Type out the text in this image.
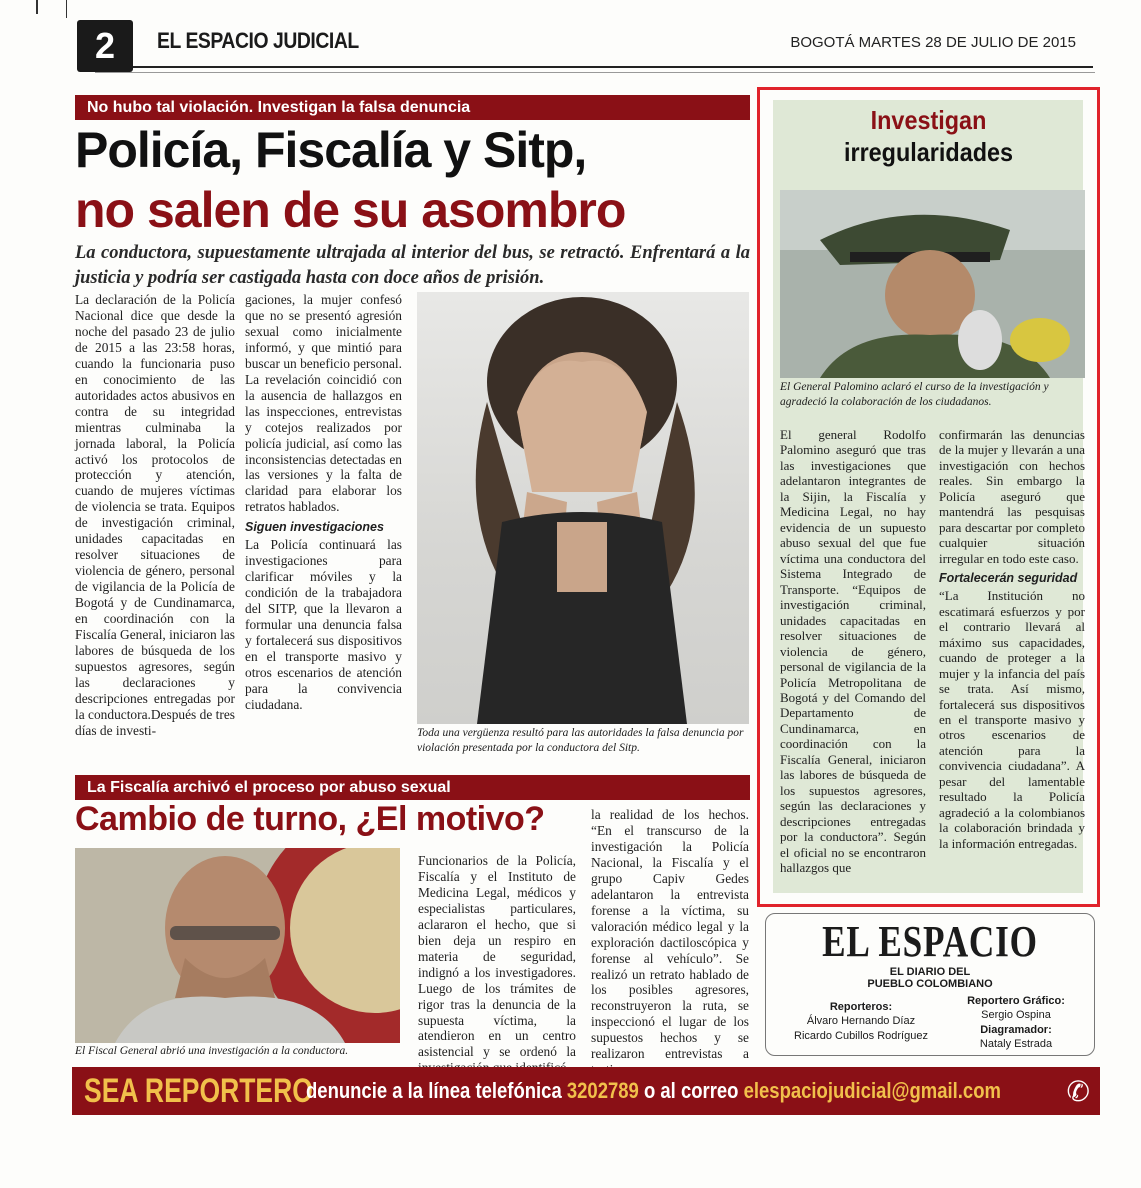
2	EL ESPACIO JUDICIAL	BOGOTÁ MARTES 28 DE JULIO DE 2015
No hubo tal violación. Investigan la falsa denuncia
Policía, Fiscalía y Sitp,
no salen de su asombro
La conductora, supuestamente ultrajada al interior del bus, se retractó. Enfrentará a la justicia y podría ser castigada hasta con doce años de prisión.

La declaración de la Policía Nacional dice que desde la noche del pasado 23 de julio de 2015 a las 23:58 horas, cuando la funcionaria puso en conocimiento de las autoridades actos abusivos en contra de su integridad mientras culminaba la jornada laboral, la Policía activó los protocolos de protección y atención, cuando de mujeres víctimas de violencia se trata. Equipos de investigación criminal, unidades capacitadas en resolver situaciones de violencia de género, personal de vigilancia de la Policía de Bogotá y de Cundinamarca, en coordinación con la Fiscalía General, iniciaron las labores de búsqueda de los supuestos agresores, según las declaraciones y descripciones entregadas por la conductora.Después de tres días de investi-

gaciones, la mujer confesó que no se presentó agresión sexual como inicialmente informó, y que mintió para buscar un beneficio personal. La revelación coincidió con la ausencia de hallazgos en las inspecciones, entrevistas y cotejos realizados por policía judicial, así como las inconsistencias detectadas en las versiones y la falta de claridad para elaborar los retratos hablados.

Siguen investigaciones

La Policía continuará las investigaciones para clarificar móviles y la condición de la trabajadora del SITP, que la llevaron a formular una denuncia falsa y fortalecerá sus dispositivos en el transporte masivo y otros escenarios de atención para la convivencia ciudadana.

Toda una vergüenza resultó para las autoridades la falsa denuncia por violación presentada por la conductora del Sitp.
La Fiscalía archivó el proceso por abuso sexual
Cambio de turno, ¿El motivo?
El Fiscal General abrió una investigación a la conductora.

Funcionarios de la Policía, Fiscalía y el Instituto de Medicina Legal, médicos y especialistas particulares, aclararon el hecho, que si bien deja un respiro en materia de seguridad, indignó a los investigadores. Luego de los trámites de rigor tras la denuncia de la supuesta víctima, la atendieron en un centro asistencial y se ordenó la

la realidad de los hechos. “En el transcurso de la investigación la Policía Nacional, la Fiscalía y el grupo Capiv Gedes adelantaron la entrevista forense a la víctima, su valoración médico legal y la exploración dactiloscópica y forense al vehículo”. Se realizó un retrato hablado de los posibles agresores, reconstruyeron la ruta, se inspeccionó el lugar de los supuestos hechos y se realizaron entrevistas a

Investigan
irregularidades
El General Palomino aclaró el curso de la investigación y agradeció la colaboración de los ciudadanos.

El general Rodolfo Palomino aseguró que tras las investigaciones que adelantaron integrantes de la Sijin, la Fiscalía y Medicina Legal, no hay evidencia de un supuesto abuso sexual del que fue víctima una conductora del Sistema Integrado de Transporte. “Equipos de investigación criminal, unidades capacitadas en resolver situaciones de violencia de género, personal de vigilancia de la Policía Metropolitana de Bogotá y del Comando del Departamento de Cundinamarca, en coordinación con la Fiscalía General, iniciaron las labores de búsqueda de los supuestos agresores, según las declaraciones y descripciones entregadas por la conductora”. Según el oficial no se encontraron hallazgos que

confirmarán las denuncias de la mujer y llevarán a una investigación con hechos reales. Sin embargo la Policía aseguró que mantendrá las pesquisas para descartar por completo cualquier situación irregular en todo este caso.

Fortalecerán seguridad

“La Institución no escatimará esfuerzos y por el contrario llevará al máximo sus capacidades, cuando de proteger a la mujer y la infancia del país se trata. Así mismo, fortalecerá sus dispositivos en el transporte masivo y otros escenarios de atención para la convivencia ciudadana”. A pesar del lamentable resultado la Policía agradeció a la colombianos la colaboración brindada y la información entregadas.

EL ESPACIO
EL DIARIO DEL
PUEBLO COLOMBIANO
Reporteros:
Álvaro Hernando Díaz
Ricardo Cubillos Rodríguez
Reportero Gráfico:
Sergio Ospina
Diagramador:
Nataly Estrada
SEA REPORTERO
denuncie a la línea telefónica 3202789 o al correo elespaciojudicial@gmail.com ✆
